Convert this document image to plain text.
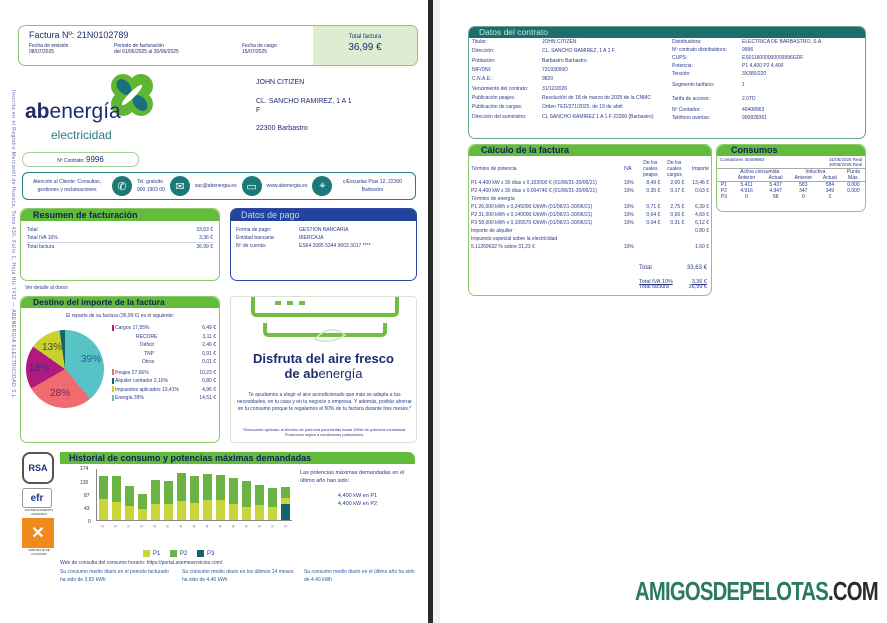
Inscrita en el Registro Mercantil de Huesca, Tomo 430, Folio 1, Hoja HU-7432 — ABENERGIA ELECTRICIDAD S.L.
Factura Nº: 21N0102789
Fecha de emisión
08/07/2025
Periodo de facturación
del 01/06/2025 al 30/06/2025
Fecha de cargo
15/07/2025
Total factura
36,99 €
abenergía
electricidad
JOHN CITIZEN
CL. SANCHO RAMIREZ, 1 A 1
F
22300 Barbastro
Nº Contrato: 9996
Atención al Cliente: Consultas, gestiones y reclamaciones	✆	Tel. gratuito
900 1903 00 ✉	sac@abenergia.es ▭	www.abenergia.es	⌖	c/Escuelas Pías 12, 22300 Barbastro
Resumen de facturación
Total	33,63 €
Total IVA 10%	3,36 €
Total factura	36,99 €
Ver detalle al dorso
Datos de pago
Forma de pago:	GESTION BANCARIA
Entidad bancaria:	IBERCAJA
Nº de cuenta:	ES64 2085 5344 9603 3017 ****
Destino del importe de la factura
El reparto de su factura (36,99 €) es el siguiente:
39%
28%
18%
13%
Cargos 17,55%	6,49 €
RECORE	3,11 €
Déficit	2,46 €
TNP	0,91 €
Otros	0,01 €
Peajes 27,66%	10,23 €
Alquiler contador 2,16%	0,80 €
Impuestos aplicados 13,41%	4,96 €
Energía 39%	14,51 €
Disfruta del aire fresco
de abenergía
Te ayudamos a elegir el aire acondicionado que más se adapta a tus necesidades, en tu casa y en tu negocio o empresa. Y además, podrás ahorrar en tu consumo porque te regalamos el 50% de tu factura durante tres meses.*
*Descuento aplicado al término de potencia para tarifas hasta 10kW de potencia contratada. Promoción sujeta a condiciones particulares.
RSA
efr
ESTABLECIMIENTO ADHERIDO
✕
ARBITRAJE DE CONSUMO
Historial de consumo y potencias máximas demandadas
174
130
87
43
0
|||	|||	|||	|||	|||	|||	|||	|||	|||	|||	|||	|||	|||	|||	|||
P1	P2	P3
Las potencias máximas demandadas en el último año han sido:
4,400 kW en P1
4,400 kW en P2
Web de consulta del consumo horario: https://portal.asemeservicios.com/
Su consumo medio diario en el periodo facturado ha sido de 3,83 kWh
Su consumo medio diario en los últimos 14 meses ha sido de 4,45 kWh
Su consumo medio diario en el último año ha sido de 4.40 kWh
Datos del contrato
Titular:	JOHN CITIZEN
Dirección:	CL. SANCHO RAMIREZ, 1 A 1 F
Población:	Barbastro Barbastro
NIF/DNI:	73193000D
C.N.A.E.:	9820
Vencimiento del contrato:	31/12/2026
Publicación peajes:	Resolución de 18 de marzo de 2025 de la CNMC
Publicación de cargos:	Orden TED/371/2025, de 19 de abril
Dirección del suministro:	CL SANCHO RAMIREZ 1 A 1 F 22300 (Barbastro)
Distribuidora:	ELECTRICA DE BARBASTRO, S.A.
Nº contrato distribuidora:	9996
CUPS:	ES0116000000009996GDF
Potencia:	P1 4,400 P2 4,400
Tensión:	3X380/220
Segmento tarifario:	1
Tarifa de acceso:	2.0TD
Nº Contador:	40408963
Teléfono averías:	900828361
Cálculo de la factura
Término de potencia	IVA	De los cuales peajes	De los cuales cargos	Importe
P1 4,400 kW x 30 días x 0,102000 € (01/06/21-30/06/21)	10%	8,49 €	2,00 €	13,46 €
P2 4,400 kW x 30 días x 0,004740 € (01/06/21-30/06/21)	10%	0,35 €	0,17 €	0,63 €
Término de energía				
P1 26,000 kWh x 0,245000 €/kWh (01/06/21-30/06/21)	10%	0,71 €	2,75 €	6,39 €
P2 31,000 kWh x 0,140000 €/kWh (01/06/21-30/06/21)	10%	0,64 €	0,66 €	4,83 €
P3 58,000 kWh x 0,105570 €/kWh (01/06/21-30/06/21)	10%	0,04 €	0,31 €	6,12 €
Importe de alquiler				0,80 €
Impuesto especial sobre la electricidad				
5,11269632 % sobre 31,23 €	10%			1,60 €
Total	33,63 €
Total IVA 10%	3,36 €
Total factura	36,99 €
Consumos
Contadores 40408963	31/05/2025 Real
30/06/2025 Real
	Activa consumida		Inductiva		Punta
	Anterior	Actual	Anterior	Actual	Máx.
P1	5.411	5.437	583	584	0,000
P2	4.916	4.947	347	349	0,000
P3	0	58	0	2	
AMIGOSDEPELOTAS.COM
